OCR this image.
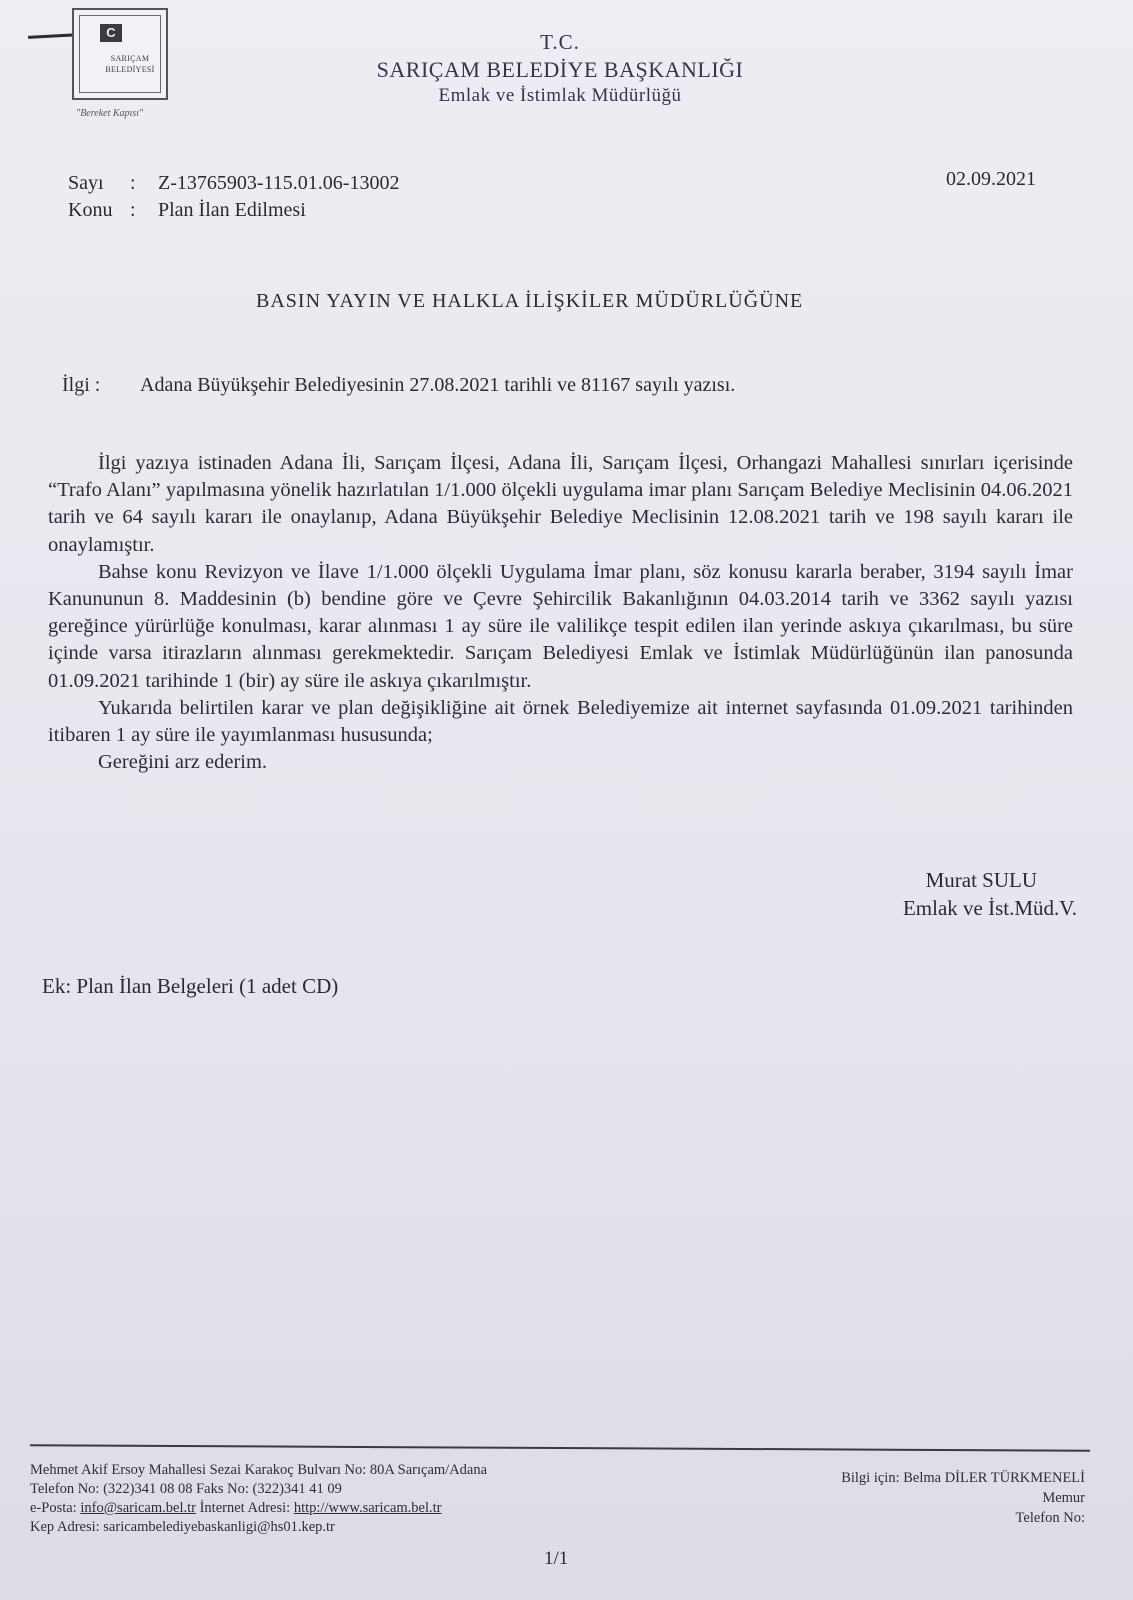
C
SARIÇAM
BELEDİYESİ
"Bereket Kapısı"
T.C.
SARIÇAM BELEDİYE BAŞKANLIĞI
Emlak ve İstimlak Müdürlüğü
Sayı	:	Z-13765903-115.01.06-13002
Konu :	Plan İlan Edilmesi
02.09.2021
BASIN YAYIN VE HALKLA İLİŞKİLER MÜDÜRLÜĞÜNE
İlgi :	Adana Büyükşehir Belediyesinin 27.08.2021 tarihli ve 81167 sayılı yazısı.

İlgi yazıya istinaden Adana İli, Sarıçam İlçesi, Adana İli, Sarıçam İlçesi, Orhangazi Mahallesi sınırları içerisinde “Trafo Alanı” yapılmasına yönelik hazırlatılan 1/1.000 ölçekli uygulama imar planı Sarıçam Belediye Meclisinin 04.06.2021 tarih ve 64 sayılı kararı ile onaylanıp, Adana Büyükşehir Belediye Meclisinin 12.08.2021 tarih ve 198 sayılı kararı ile onaylamıştır.

Bahse konu Revizyon ve İlave 1/1.000 ölçekli Uygulama İmar planı, söz konusu kararla beraber, 3194 sayılı İmar Kanununun 8. Maddesinin (b) bendine göre ve Çevre Şehircilik Bakanlığının 04.03.2014 tarih ve 3362 sayılı yazısı gereğince yürürlüğe konulması, karar alınması 1 ay süre ile valilikçe tespit edilen ilan yerinde askıya çıkarılması, bu süre içinde varsa itirazların alınması gerekmektedir. Sarıçam Belediyesi Emlak ve İstimlak Müdürlüğünün ilan panosunda 01.09.2021 tarihinde 1 (bir) ay süre ile askıya çıkarılmıştır.

Yukarıda belirtilen karar ve plan değişikliğine ait örnek Belediyemize ait internet sayfasında 01.09.2021 tarihinden itibaren 1 ay süre ile yayımlanması hususunda;

Gereğini arz ederim.

Murat SULU
Emlak ve İst.Müd.V.
Ek: Plan İlan Belgeleri (1 adet CD)
Mehmet Akif Ersoy Mahallesi Sezai Karakoç Bulvarı No: 80A Sarıçam/Adana
Telefon No: (322)341 08 08 Faks No: (322)341 41 09
e-Posta: info@saricam.bel.tr İnternet Adresi: http://www.saricam.bel.tr
Kep Adresi: saricambelediyebaskanligi@hs01.kep.tr
Bilgi için: Belma DİLER TÜRKMENELİ
Memur
Telefon No:
1/1
